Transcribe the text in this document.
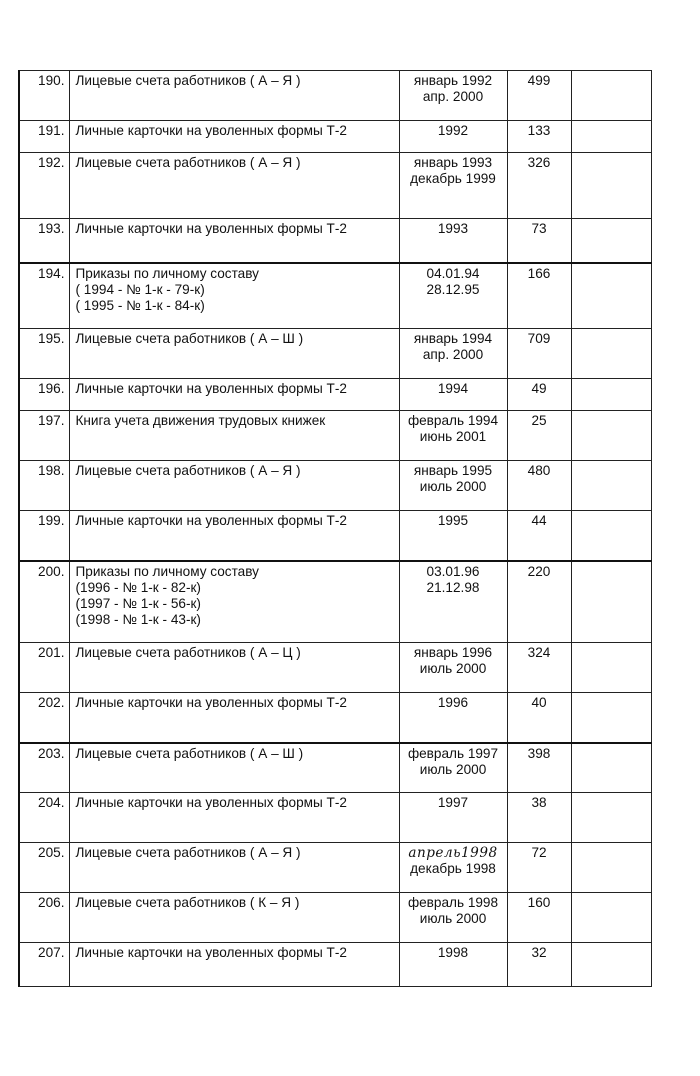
190.	Лицевые счета работников ( А – Я )	январь 1992
апр. 2000	499	
191.	Личные карточки на уволенных формы Т-2	1992	133	
192.	Лицевые счета работников ( А – Я )	январь 1993
декабрь 1999	326	
193.	Личные карточки на уволенных формы Т-2	1993	73	
194.	Приказы по личному составу
( 1994 - № 1-к - 79-к)
( 1995 - № 1-к - 84-к)	04.01.94
28.12.95	166	
195.	Лицевые счета работников ( А – Ш )	январь 1994
апр. 2000	709	
196.	Личные карточки на уволенных формы Т-2	1994	49	
197.	Книга учета движения трудовых книжек	февраль 1994
июнь 2001	25	
198.	Лицевые счета работников ( А – Я )	январь 1995
июль 2000	480	
199.	Личные карточки на уволенных формы Т-2	1995	44	
200.	Приказы по личному составу
(1996 - № 1-к - 82-к)
(1997 - № 1-к - 56-к)
(1998 - № 1-к - 43-к)	03.01.96
21.12.98	220	
201.	Лицевые счета работников ( А – Ц )	январь 1996
июль 2000	324	
202.	Личные карточки на уволенных формы Т-2	1996	40	
203.	Лицевые счета работников ( А – Ш )	февраль 1997
июль 2000	398	
204.	Личные карточки на уволенных формы Т-2	1997	38	
205.	Лицевые счета работников ( А – Я )	апрель1998
декабрь 1998	72	
206.	Лицевые счета работников ( К – Я )	февраль 1998
июль 2000	160	
207.	Личные карточки на уволенных формы Т-2	1998	32	
